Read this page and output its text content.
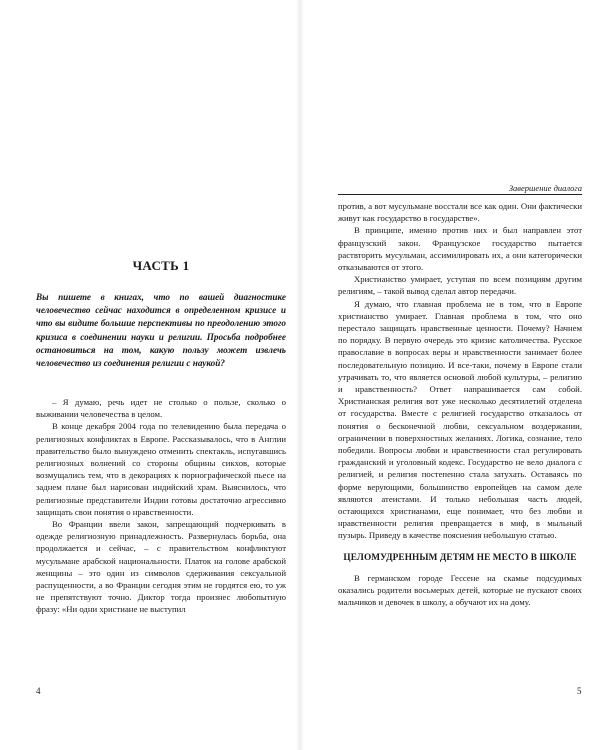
ЧАСТЬ 1
Вы пишете в книгах, что по вашей диагностике человечество сейчас находится в определенном кризисе и что вы видите большие перспективы по преодолению этого кризиса в соединении науки и религии. Просьба подробнее остановиться на том, какую пользу может извлечь человечество из соединения религии с наукой?

– Я думаю, речь идет не столько о пользе, сколько о выживании человечества в целом.

В конце декабря 2004 года по телевидению была передача о религиозных конфликтах в Европе. Рассказывалось, что в Англии правительство было вынуждено отменить спектакль, испугавшись религиозных волнений со стороны общины сикхов, которые возмущались тем, что в декорациях к порнографической пьесе на заднем плане был нарисован индийский храм. Выяснилось, что религиозные представители Индии готовы достаточно агрессивно защищать свои понятия о нравственности.

Во Франции ввели закон, запрещающий подчеркивать в одежде религиозную принадлежность. Развернулась борьба, она продолжается и сейчас, – с правительством конфликтуют мусульмане арабской национальности. Платок на голове арабской женщины – это один из символов сдерживания сексуальной распущенности, а во Франции сегодня этим не гордятся ею, то уж не препятствуют точно. Диктор тогда произнес любопытную фразу: «Ни одни христиане не выступил

4
Завершение диалога

против, а вот мусульмане восстали все как один. Они фактически живут как государство в государстве».

В принципе, именно против них и был направлен этот французский закон. Французское государство пытается раствторить мусульман, ассимилировать их, а они категорически отказываются от этого.

Христианство умирает, уступая по всем позициям другим религиям, – такой вывод сделал автор передачи.

Я думаю, что главная проблема не в том, что в Европе христианство умирает. Главная проблема в том, что оно перестало защищать нравственные ценности. Почему? Начнем по порядку. В первую очередь это кризис католичества. Русское православие в вопросах веры и нравственности занимает более последовательную позицию. И все-таки, почему в Европе стали утрачивать то, что является основой любой культуры, – религию и нравственность? Ответ напрашивается сам собой. Христианская религия вот уже несколько десятилетий отделена от государства. Вместе с религией государство отказалось от понятия о бесконечной любви, сексуальном воздержании, ограничении в поверхностных желаниях. Логика, сознание, тело победили. Вопросы любви и нравственности стал регулировать гражданский и уголовный кодекс. Государство не вело диалога с религией, и религия постепенно стала затухать. Оставаясь по форме верующими, большинство европейцев на самом деле являются атеистами. И только небольшая часть людей, остающихся христианами, еще понимает, что без любви и нравственности религия превращается в миф, в мыльный пузырь. Приведу в качестве пояснения небольшую статью.

ЦЕЛОМУДРЕННЫМ ДЕТЯМ НЕ МЕСТО В ШКОЛЕ

В германском городе Гессене на скамье подсудимых оказались родители восьмерых детей, которые не пускают своих мальчиков и девочек в школу, а обучают их на дому.

5
